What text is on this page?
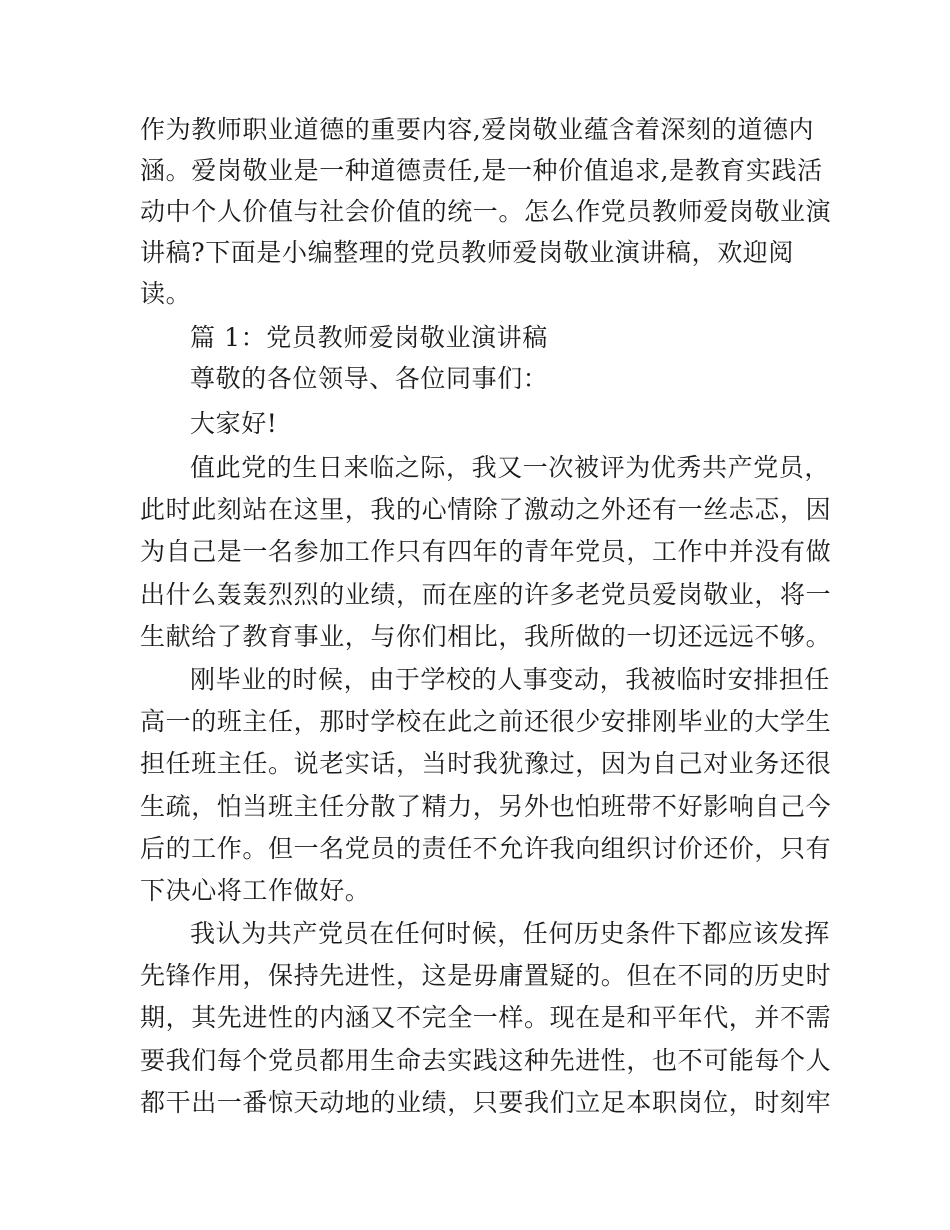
作为教师职业道德的重要内容,爱岗敬业蕴含着深刻的道德内
涵。爱岗敬业是一种道德责任,是一种价值追求,是教育实践活
动中个人价值与社会价值的统一。怎么作党员教师爱岗敬业演
讲稿?下面是小编整理的党员教师爱岗敬业演讲稿，欢迎阅
读。
篇 1：党员教师爱岗敬业演讲稿
尊敬的各位领导、各位同事们：
大家好!
值此党的生日来临之际，我又一次被评为优秀共产党员，
此时此刻站在这里，我的心情除了激动之外还有一丝忐忑，因
为自己是一名参加工作只有四年的青年党员，工作中并没有做
出什么轰轰烈烈的业绩，而在座的许多老党员爱岗敬业，将一
生献给了教育事业，与你们相比，我所做的一切还远远不够。
刚毕业的时候，由于学校的人事变动，我被临时安排担任
高一的班主任，那时学校在此之前还很少安排刚毕业的大学生
担任班主任。说老实话，当时我犹豫过，因为自己对业务还很
生疏，怕当班主任分散了精力，另外也怕班带不好影响自己今
后的工作。但一名党员的责任不允许我向组织讨价还价，只有
下决心将工作做好。
我认为共产党员在任何时候，任何历史条件下都应该发挥
先锋作用，保持先进性，这是毋庸置疑的。但在不同的历史时
期，其先进性的内涵又不完全一样。现在是和平年代，并不需
要我们每个党员都用生命去实践这种先进性，也不可能每个人
都干出一番惊天动地的业绩，只要我们立足本职岗位，时刻牢
